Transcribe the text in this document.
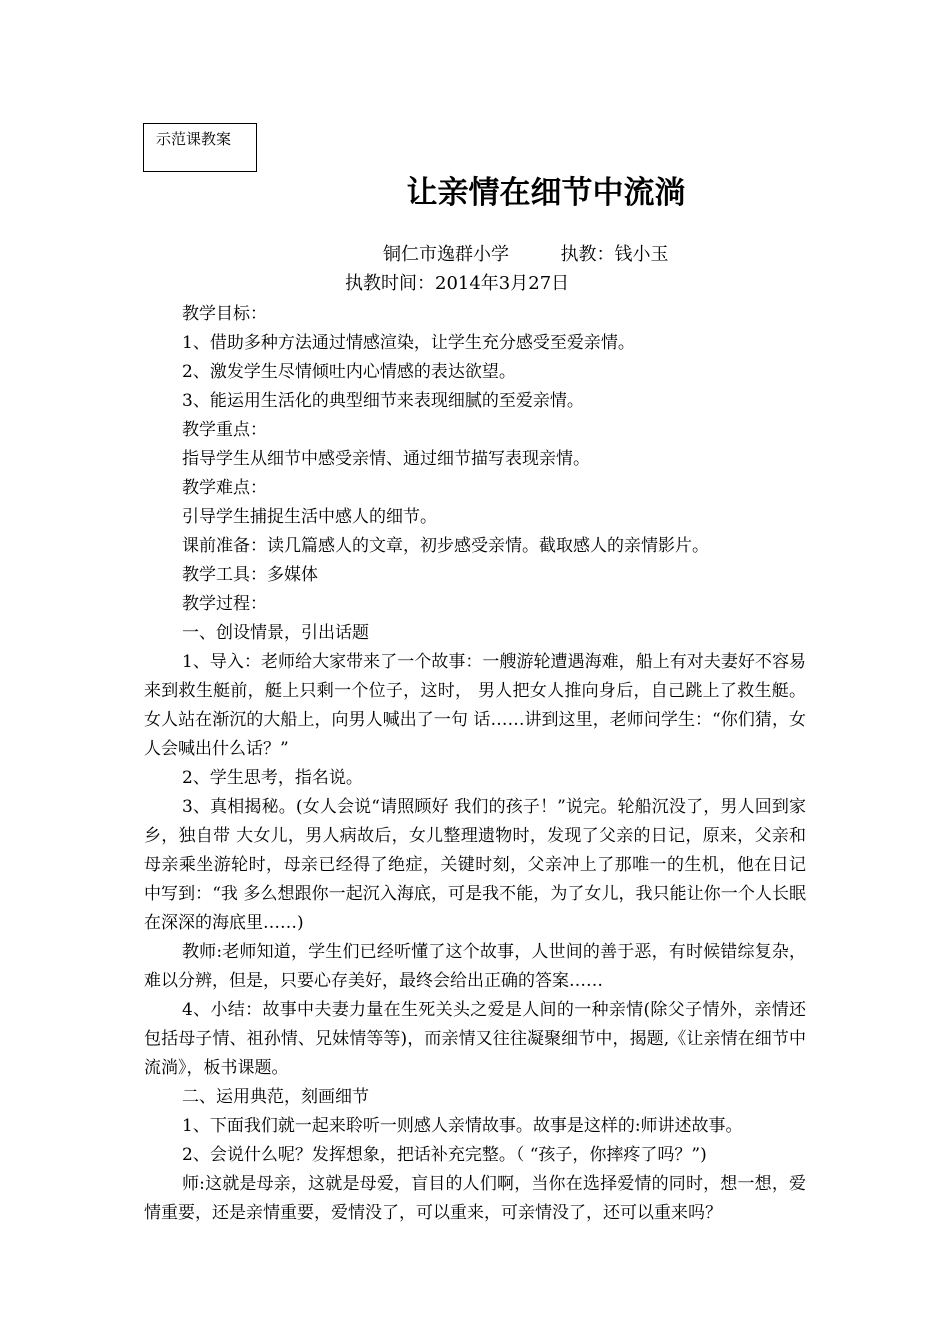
示范课教案
让亲情在细节中流淌
铜仁市逸群小学         执教：钱小玉
执教时间：2014年3月27日

教学目标：

1、借助多种方法通过情感渲染，让学生充分感受至爱亲情。

2、激发学生尽情倾吐内心情感的表达欲望。

3、能运用生活化的典型细节来表现细腻的至爱亲情。

教学重点：

指导学生从细节中感受亲情、通过细节描写表现亲情。

教学难点：

引导学生捕捉生活中感人的细节。

课前准备：读几篇感人的文章，初步感受亲情。截取感人的亲情影片。

教学工具：多媒体

教学过程：

一、创设情景，引出话题

1、导入：老师给大家带来了一个故事：一艘游轮遭遇海难，船上有对夫妻好不容易 来到救生艇前，艇上只剩一个位子，这时， 男人把女人推向身后，自己跳上了救生艇。 女人站在渐沉的大船上，向男人喊出了一句 话……讲到这里，老师问学生：“你们猜，女 人会喊出什么话？”

2、学生思考，指名说。

3、真相揭秘。(女人会说“请照顾好 我们的孩子！”说完。轮船沉没了，男人回到家乡，独自带 大女儿，男人病故后，女儿整理遗物时，发现了父亲的日记，原来，父亲和母亲乘坐游轮时，母亲已经得了绝症，关键时刻，父亲冲上了那唯一的生机，他在日记中写到：“我 多么想跟你一起沉入海底，可是我不能，为了女儿，我只能让你一个人长眠在深深的海底里……)

教师:老师知道，学生们已经听懂了这个故事，人世间的善于恶，有时候错综复杂，难以分辨，但是，只要心存美好，最终会给出正确的答案……

4、小结：故事中夫妻力量在生死关头之爱是人间的一种亲情(除父子情外，亲情还包括母子情、祖孙情、兄妹情等等)，而亲情又往往凝聚细节中，揭题,《让亲情在细节中流淌》，板书课题。

二、运用典范，刻画细节

1、下面我们就一起来聆听一则感人亲情故事。故事是这样的:师讲述故事。

2、会说什么呢？发挥想象，把话补充完整。（ “孩子，你摔疼了吗？”)

师:这就是母亲，这就是母爱，盲目的人们啊，当你在选择爱情的同时，想一想，爱情重要，还是亲情重要，爱情没了，可以重来，可亲情没了，还可以重来吗？
